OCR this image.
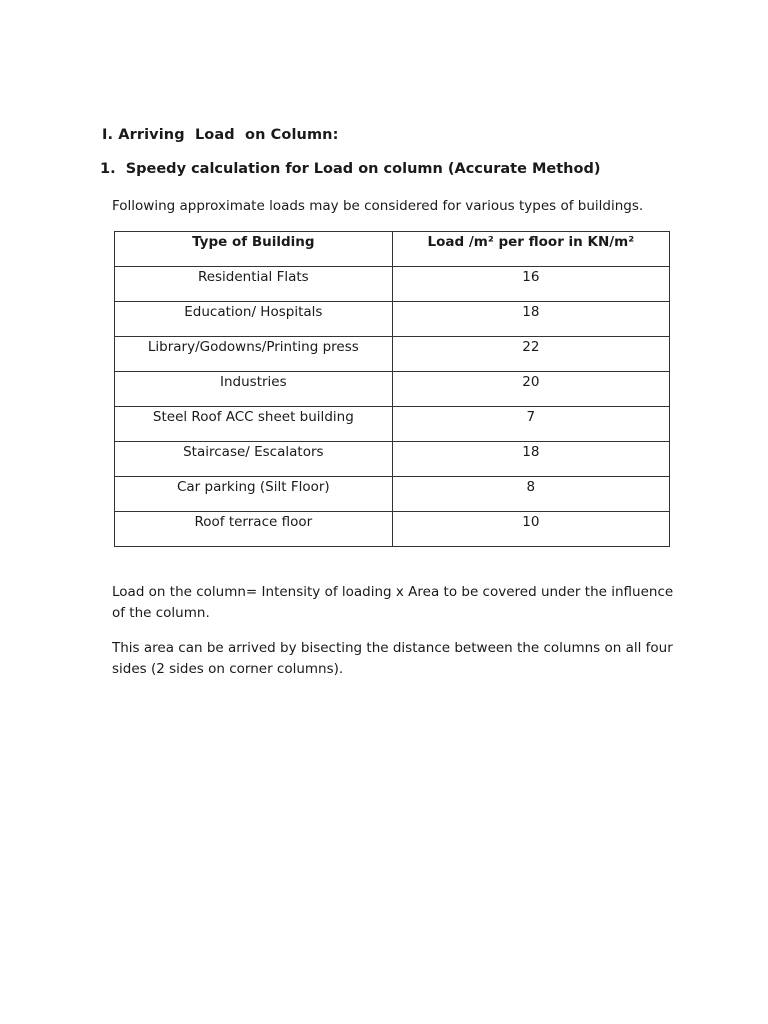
I. Arriving  Load  on Column:
1.  Speedy calculation for Load on column (Accurate Method)
Following approximate loads may be considered for various types of buildings.
Type of Building	Load /m² per floor in KN/m²
Residential Flats	16
Education/ Hospitals	18
Library/Godowns/Printing press	22
Industries	20
Steel Roof ACC sheet building	7
Staircase/ Escalators	18
Car parking (Silt Floor)	8
Roof terrace floor	10

Load on the column= Intensity of loading x Area to be covered under the influence of the column.

This area can be arrived by bisecting the distance between the columns on all four sides (2 sides on corner columns).
